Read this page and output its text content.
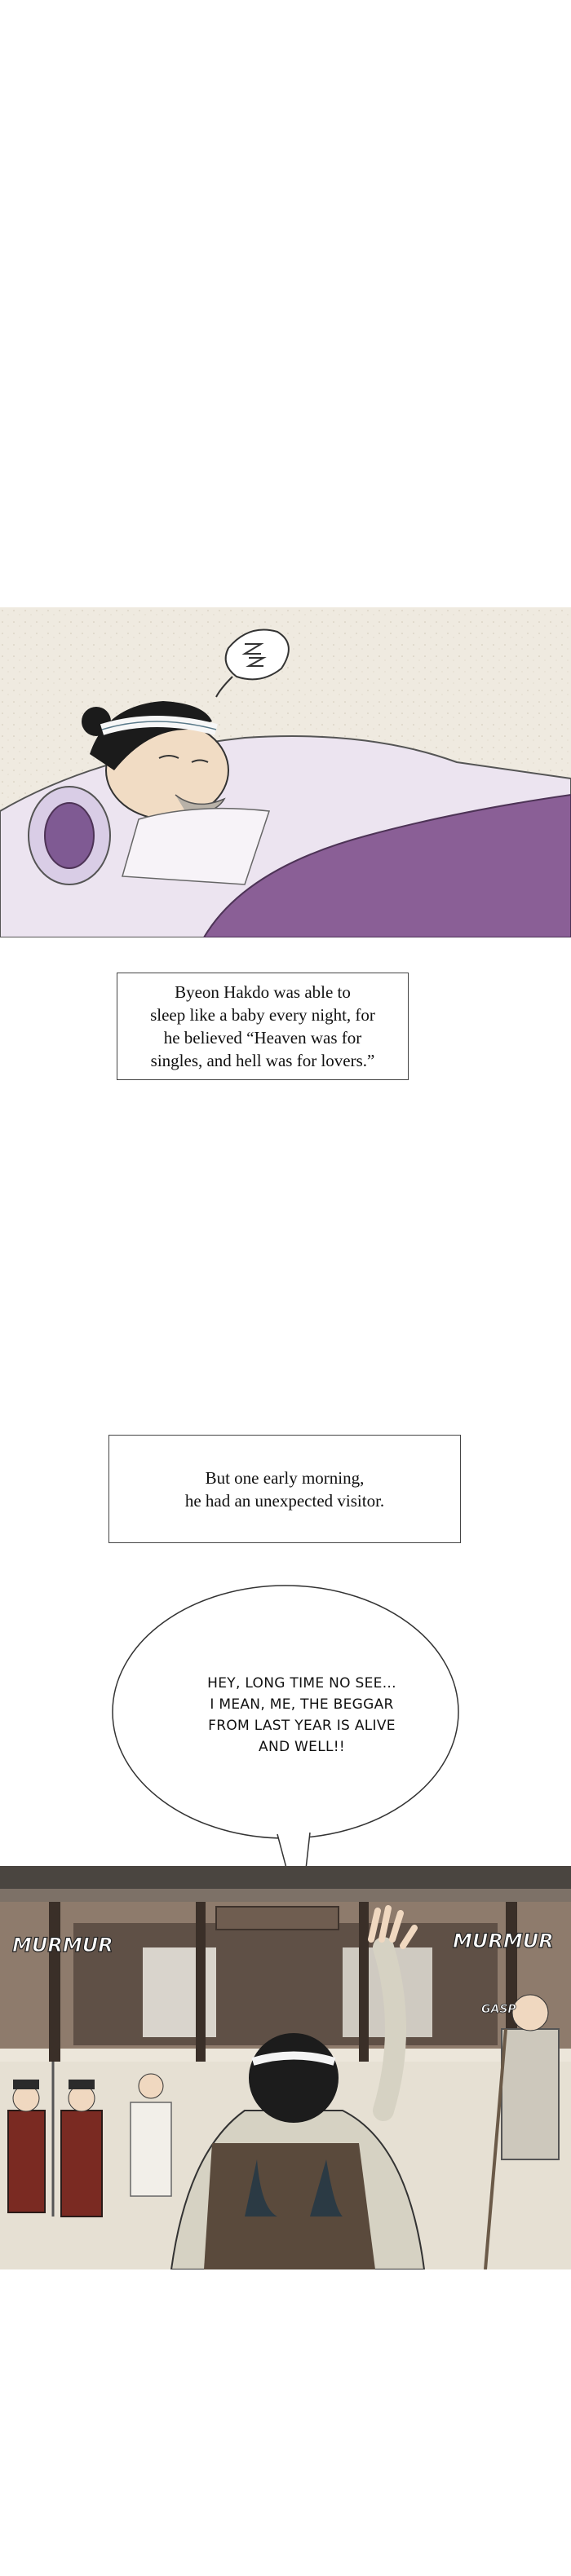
Byeon Hakdo was able to
sleep like a baby every night, for
he believed “Heaven was for
singles, and hell was for lovers.”
But one early morning,
he had an unexpected visitor.
HEY, LONG TIME NO SEE...
I MEAN, ME, THE BEGGAR
FROM LAST YEAR IS ALIVE
AND WELL!!
MURMUR	MURMUR
GASP
